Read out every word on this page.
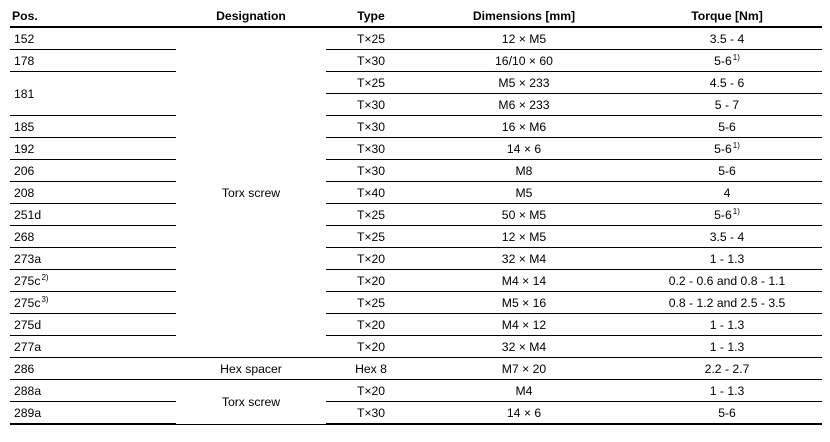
Pos.	Designation	Type	Dimensions [mm]	Torque [Nm]
152	Torx screw	T×25	12 × M5	3.5 - 4
178		T×30	16/10 × 60	5-6$^{1)}$
181		T×25	M5 × 233	4.5 - 6
		T×30	M6 × 233	5 - 7
185		T×30	16 × M6	5-6
192		T×30	14 × 6	5-6$^{1)}$
206		T×30	M8	5-6
208		T×40	M5	4
251d		T×25	50 × M5	5-6$^{1)}$
268		T×25	12 × M5	3.5 - 4
273a		T×20	32 × M4	1 - 1.3
$275c^{2)}$		T×20	M4 × 14	0.2 - 0.6 and 0.8 - 1.1
$275c^{3)}$		T×25	M5 × 16	0.8 - 1.2 and 2.5 - 3.5
275d		T×20	M4 × 12	1 - 1.3
277a		T×20	32 × M4	1 - 1.3
286	Hex spacer	Hex 8	M7 × 20	2.2 - 2.7
288a	Torx screw	T×20	M4	1 - 1.3
289a		T×30	14 × 6	5-6
